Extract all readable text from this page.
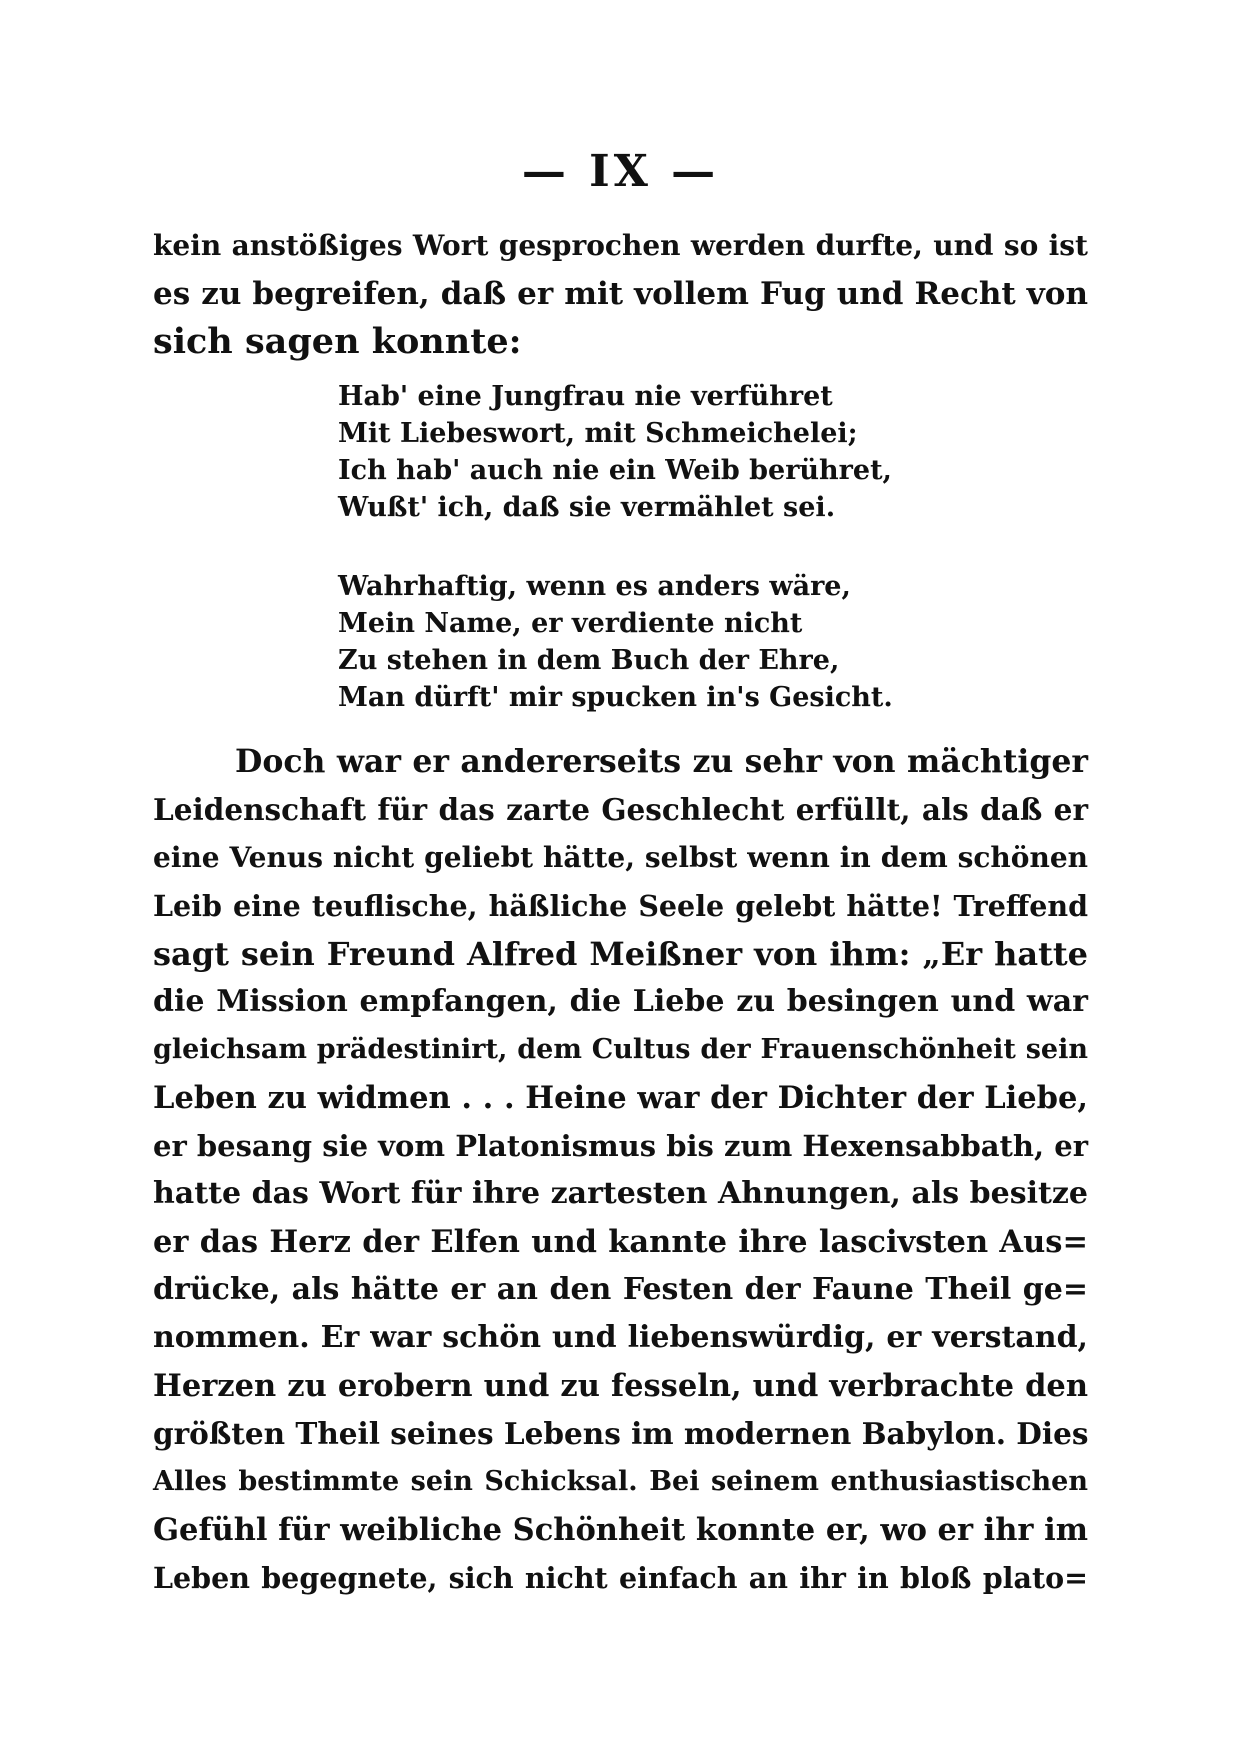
— IX —

kein anstößiges Wort gesprochen werden durfte, und so ist
es zu begreifen, daß er mit vollem Fug und Recht von
sich sagen konnte:

Hab' eine Jungfrau nie verführet
Mit Liebeswort, mit Schmeichelei;
Ich hab' auch nie ein Weib berühret,
Wußt' ich, daß sie vermählet sei.
Wahrhaftig, wenn es anders wäre,
Mein Name, er verdiente nicht
Zu stehen in dem Buch der Ehre,
Man dürft' mir spucken in's Gesicht.

Doch war er andererseits zu sehr von mächtiger
Leidenschaft für das zarte Geschlecht erfüllt, als daß er
eine Venus nicht geliebt hätte, selbst wenn in dem schönen
Leib eine teuflische, häßliche Seele gelebt hätte! Treffend
sagt sein Freund Alfred Meißner von ihm: „Er hatte
die Mission empfangen, die Liebe zu besingen und war
gleichsam prädestinirt, dem Cultus der Frauenschönheit sein
Leben zu widmen . . . Heine war der Dichter der Liebe,
er besang sie vom Platonismus bis zum Hexensabbath, er
hatte das Wort für ihre zartesten Ahnungen, als besitze
er das Herz der Elfen und kannte ihre lascivsten Aus=
drücke, als hätte er an den Festen der Faune Theil ge=
nommen. Er war schön und liebenswürdig, er verstand,
Herzen zu erobern und zu fesseln, und verbrachte den
größten Theil seines Lebens im modernen Babylon. Dies
Alles bestimmte sein Schicksal. Bei seinem enthusiastischen
Gefühl für weibliche Schönheit konnte er, wo er ihr im
Leben begegnete, sich nicht einfach an ihr in bloß plato=
